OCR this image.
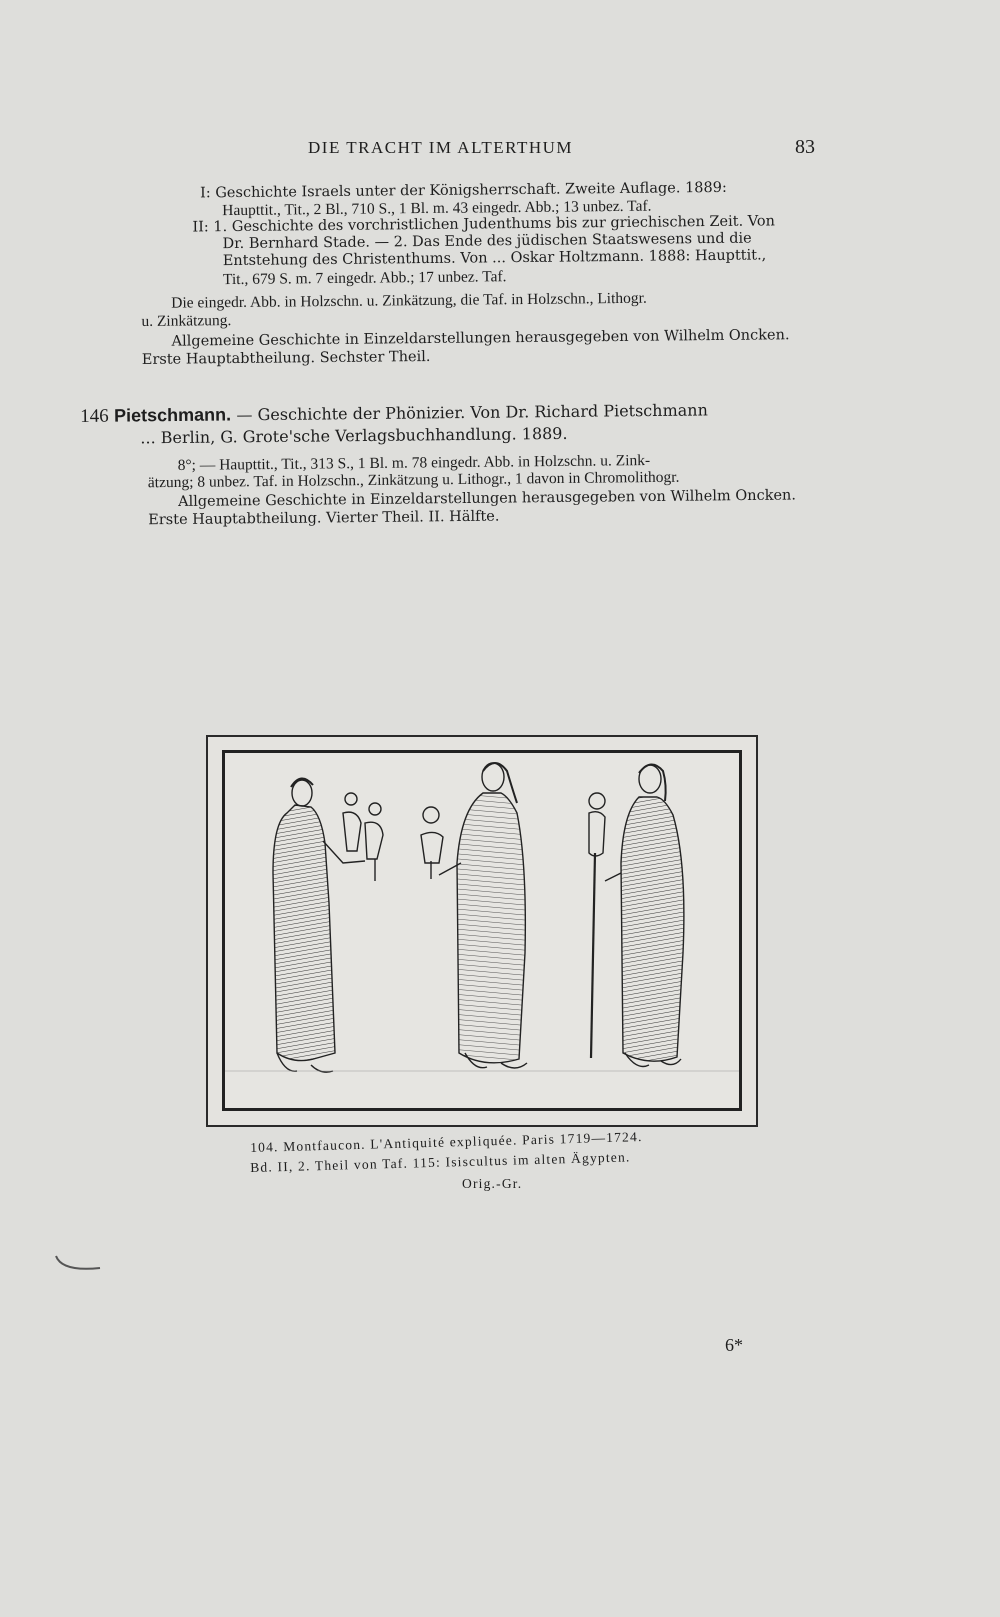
DIE TRACHT IM ALTERTHUM	83
I: Geschichte Israels unter der Königsherrschaft. Zweite Auflage. 1889:
Haupttit., Tit., 2 Bl., 710 S., 1 Bl. m. 43 eingedr. Abb.; 13 unbez. Taf.
II: 1. Geschichte des vorchristlichen Judenthums bis zur griechischen Zeit. Von
Dr. Bernhard Stade. — 2. Das Ende des jüdischen Staatswesens und die
Entstehung des Christenthums. Von ... Oskar Holtzmann. 1888: Haupttit.,
Tit., 679 S. m. 7 eingedr. Abb.; 17 unbez. Taf.
Die eingedr. Abb. in Holzschn. u. Zinkätzung, die Taf. in Holzschn., Lithogr.
u. Zinkätzung.
Allgemeine Geschichte in Einzeldarstellungen herausgegeben von Wilhelm Oncken.
Erste Hauptabtheilung. Sechster Theil.
146 Pietschmann. — Geschichte der Phönizier. Von Dr. Richard Pietschmann
... Berlin, G. Grote'sche Verlagsbuchhandlung. 1889.
8°; — Haupttit., Tit., 313 S., 1 Bl. m. 78 eingedr. Abb. in Holzschn. u. Zink-
ätzung; 8 unbez. Taf. in Holzschn., Zinkätzung u. Lithogr., 1 davon in Chromolithogr.
Allgemeine Geschichte in Einzeldarstellungen herausgegeben von Wilhelm Oncken.
Erste Hauptabtheilung. Vierter Theil. II. Hälfte.
104. Montfaucon. L'Antiquité expliquée. Paris 1719—1724.
Bd. II, 2. Theil von Taf. 115: Isiscultus im alten Ägypten.
Orig.-Gr.
6*
